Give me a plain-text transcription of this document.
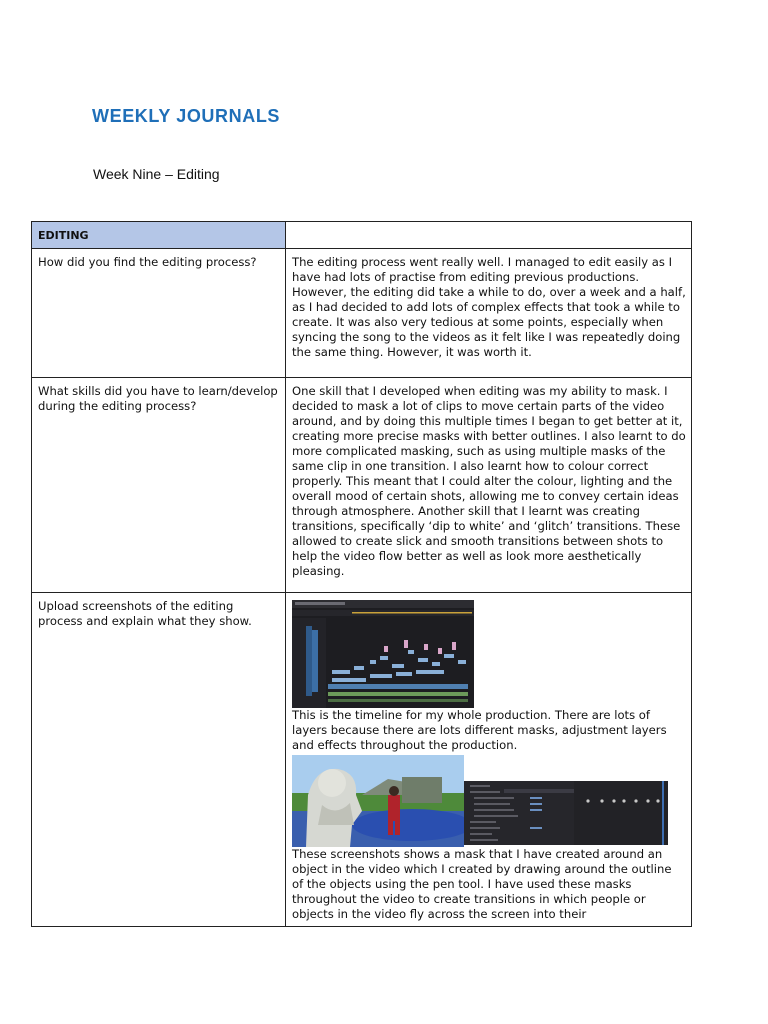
WEEKLY JOURNALS
Week Nine – Editing
EDITING	
How did you find the editing process?	The editing process went really well. I managed to edit easily as I have had lots of practise from editing previous productions. However, the editing did take a while to do, over a week and a half, as I had decided to add lots of complex effects that took a while to create. It was also very tedious at some points, especially when syncing the song to the videos as it felt like I was repeatedly doing the same thing. However, it was worth it.
What skills did you have to learn/develop during the editing process?	One skill that I developed when editing was my ability to mask. I decided to mask a lot of clips to move certain parts of the video around, and by doing this multiple times I began to get better at it, creating more precise masks with better outlines. I also learnt to do more complicated masking, such as using multiple masks of the same clip in one transition. I also learnt how to colour correct properly. This meant that I could alter the colour, lighting and the overall mood of certain shots, allowing me to convey certain ideas through atmosphere. Another skill that I learnt was creating transitions, specifically ‘dip to white’ and ‘glitch’ transitions. These allowed to create slick and smooth transitions between shots to help the video flow better as well as look more aesthetically pleasing.
Upload screenshots of the editing process and explain what they show.	This is the timeline for my whole production. There are lots of layers because there are lots different masks, adjustment layers and effects throughout the production.

These screenshots shows a mask that I have created around an object in the video which I created by drawing around the outline of the objects using the pen tool. I have used these masks throughout the video to create transitions in which people or objects in the video fly across the screen into their
